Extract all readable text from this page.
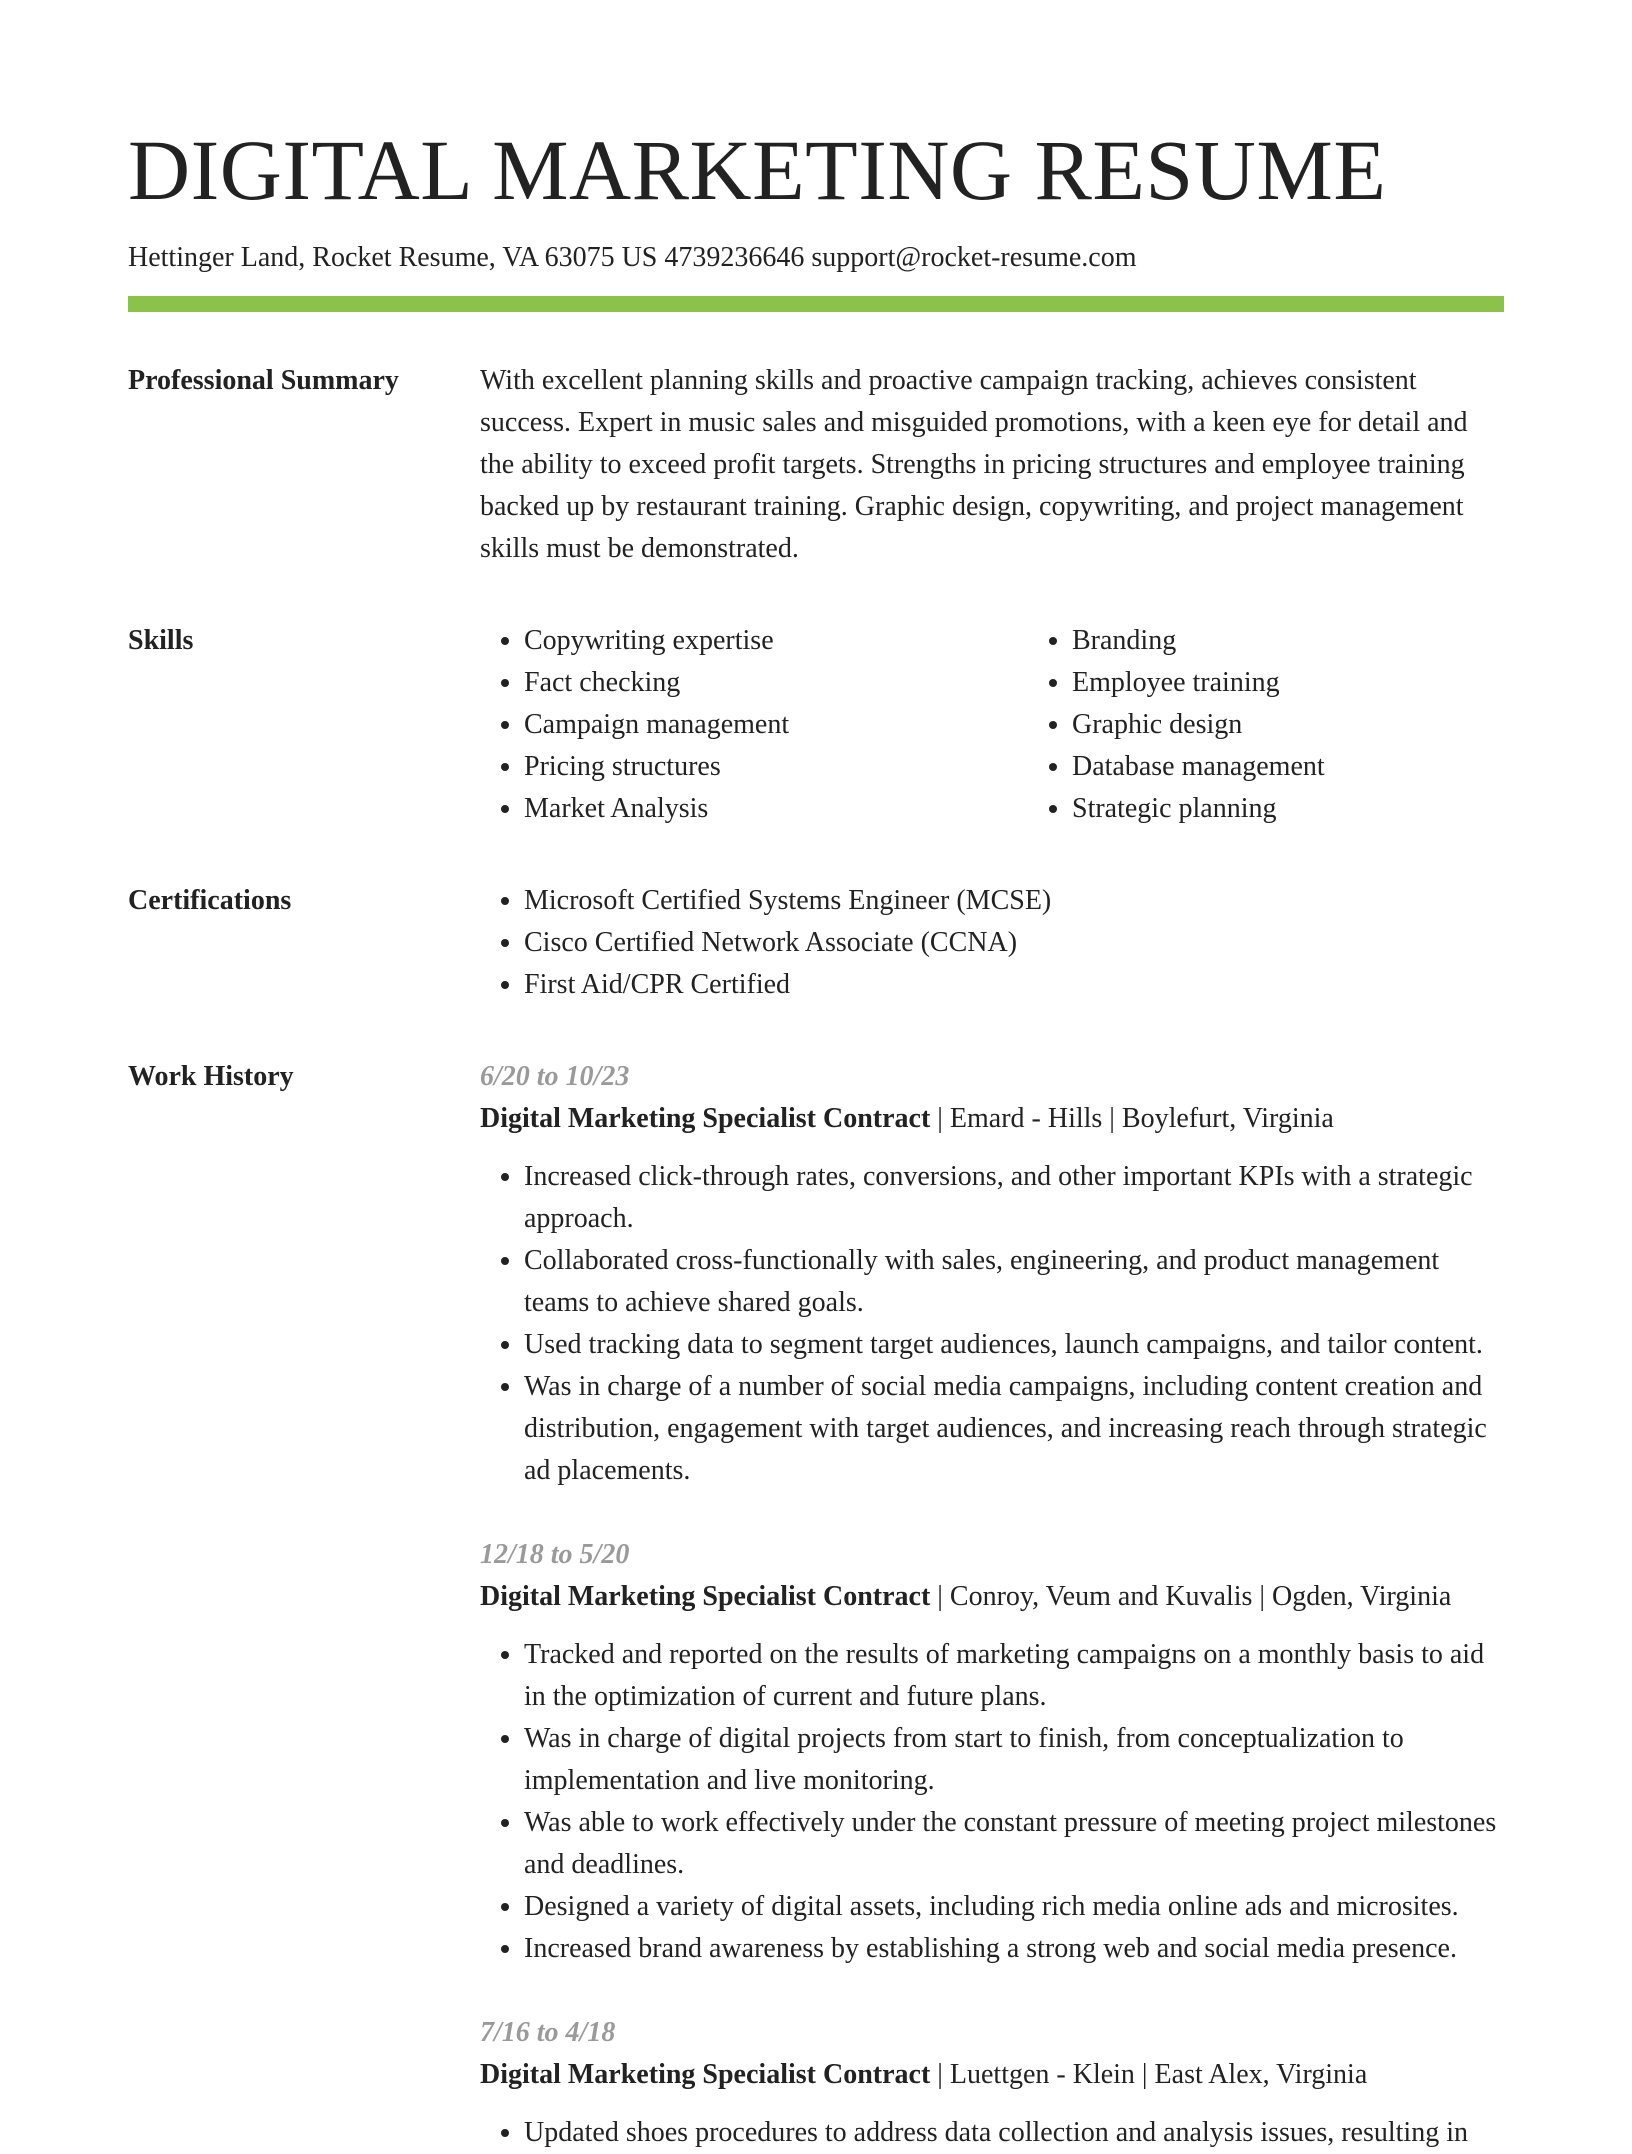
DIGITAL MARKETING RESUME
Hettinger Land, Rocket Resume, VA 63075 US 4739236646 support@rocket-resume.com
Professional Summary	With excellent planning skills and proactive campaign tracking, achieves consistent success. Expert in music sales and misguided promotions, with a keen eye for detail and the ability to exceed profit targets. Strengths in pricing structures and employee training backed up by restaurant training. Graphic design, copywriting, and project management skills must be demonstrated.

Skills	• Copywriting expertise
• Fact checking
• Campaign management
• Pricing structures
• Market Analysis
• Branding
• Employee training
• Graphic design
• Database management
• Strategic planning
Certifications	• Microsoft Certified Systems Engineer (MCSE)
• Cisco Certified Network Associate (CCNA)
• First Aid/CPR Certified
Work History	6/20 to 10/23
Digital Marketing Specialist Contract | Emard - Hills | Boylefurt, Virginia
• Increased click-through rates, conversions, and other important KPIs with a strategic approach.
• Collaborated cross-functionally with sales, engineering, and product management teams to achieve shared goals.
• Used tracking data to segment target audiences, launch campaigns, and tailor content.
• Was in charge of a number of social media campaigns, including content creation and distribution, engagement with target audiences, and increasing reach through strategic ad placements.
12/18 to 5/20
Digital Marketing Specialist Contract | Conroy, Veum and Kuvalis | Ogden, Virginia
• Tracked and reported on the results of marketing campaigns on a monthly basis to aid in the optimization of current and future plans.
• Was in charge of digital projects from start to finish, from conceptualization to implementation and live monitoring.
• Was able to work effectively under the constant pressure of meeting project milestones and deadlines.
• Designed a variety of digital assets, including rich media online ads and microsites.
• Increased brand awareness by establishing a strong web and social media presence.
7/16 to 4/18
Digital Marketing Specialist Contract | Luettgen - Klein | East Alex, Virginia
• Updated shoes procedures to address data collection and analysis issues, resulting in
